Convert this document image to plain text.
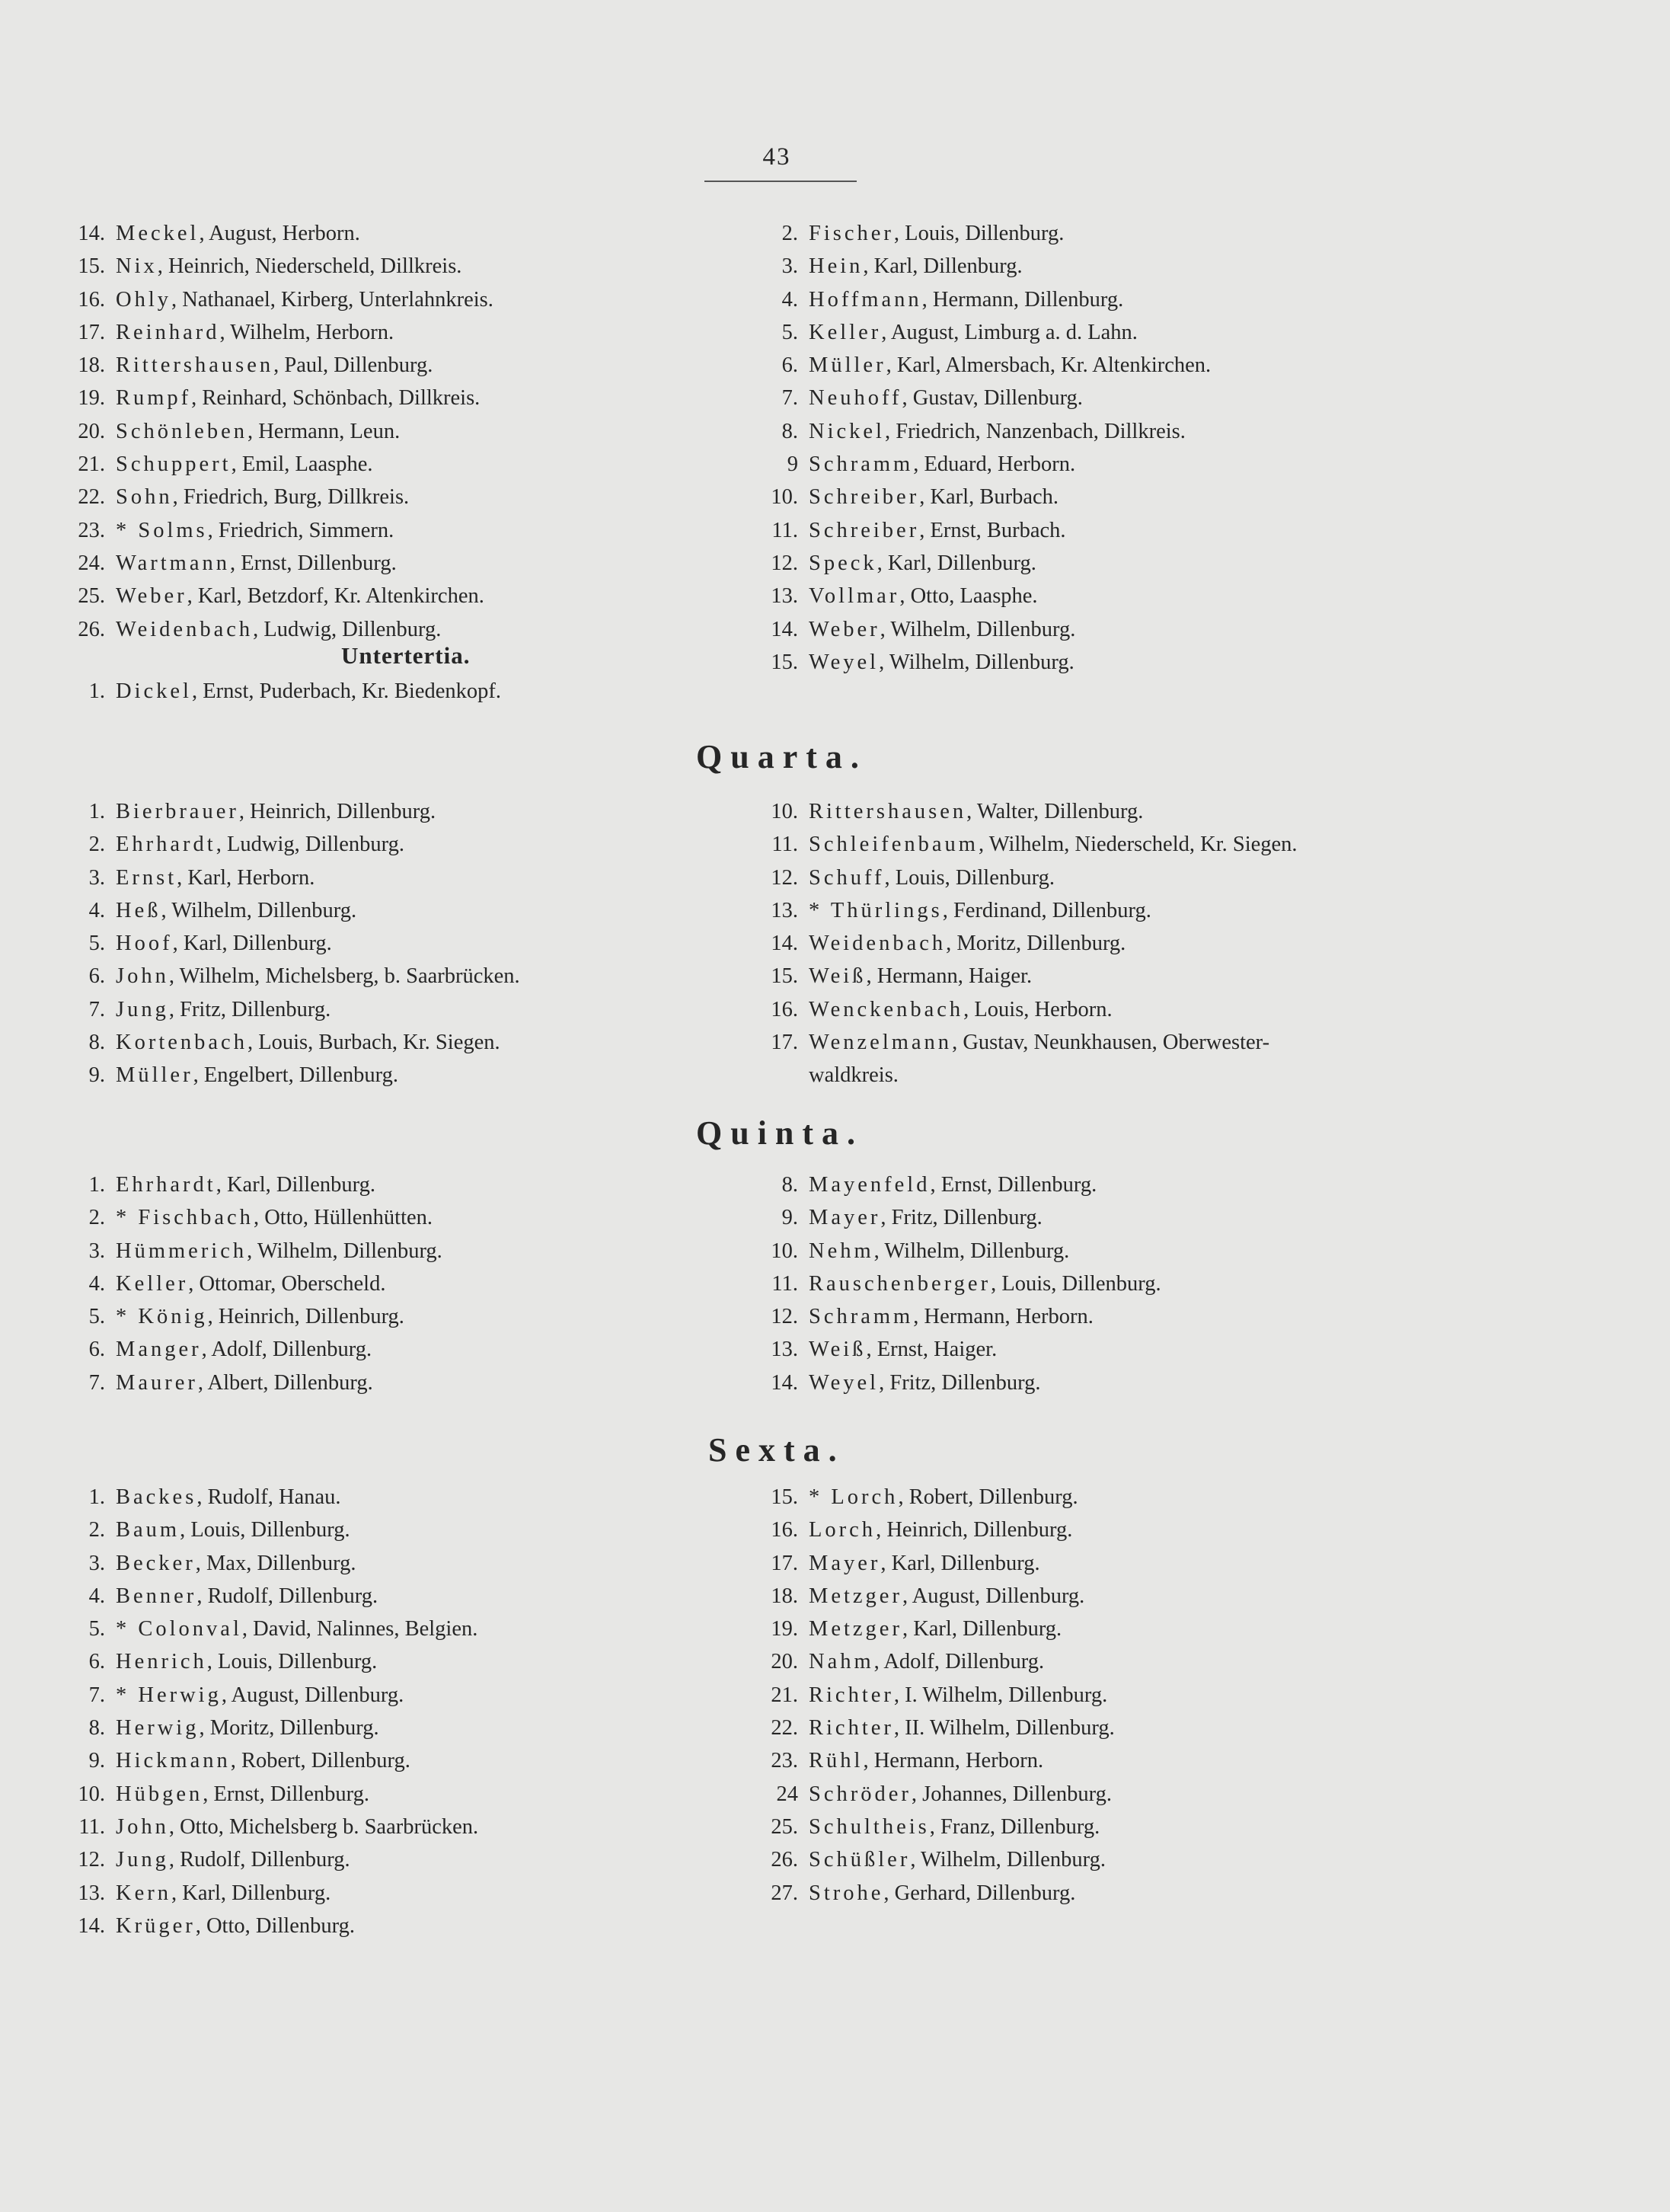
43
14. Meckel, August, Herborn.
15. Nix, Heinrich, Niederscheld, Dillkreis.
16. Ohly, Nathanael, Kirberg, Unterlahnkreis.
17. Reinhard, Wilhelm, Herborn.
18. Rittershausen, Paul, Dillenburg.
19. Rumpf, Reinhard, Schönbach, Dillkreis.
20. Schönleben, Hermann, Leun.
21. Schuppert, Emil, Laasphe.
22. Sohn, Friedrich, Burg, Dillkreis.
23. * Solms, Friedrich, Simmern.
24. Wartmann, Ernst, Dillenburg.
25. Weber, Karl, Betzdorf, Kr. Altenkirchen.
26. Weidenbach, Ludwig, Dillenburg.
Untertertia.
1. Dickel, Ernst, Puderbach, Kr. Biedenkopf.
2. Fischer, Louis, Dillenburg.
3. Hein, Karl, Dillenburg.
4. Hoffmann, Hermann, Dillenburg.
5. Keller, August, Limburg a. d. Lahn.
6. Müller, Karl, Almersbach, Kr. Altenkirchen.
7. Neuhoff, Gustav, Dillenburg.
8. Nickel, Friedrich, Nanzenbach, Dillkreis.
9 Schramm, Eduard, Herborn.
10. Schreiber, Karl, Burbach.
11. Schreiber, Ernst, Burbach.
12. Speck, Karl, Dillenburg.
13. Vollmar, Otto, Laasphe.
14. Weber, Wilhelm, Dillenburg.
15. Weyel, Wilhelm, Dillenburg.
Quarta.
1. Bierbrauer, Heinrich, Dillenburg.
2. Ehrhardt, Ludwig, Dillenburg.
3. Ernst, Karl, Herborn.
4. Heß, Wilhelm, Dillenburg.
5. Hoof, Karl, Dillenburg.
6. John, Wilhelm, Michelsberg, b. Saarbrücken.
7. Jung, Fritz, Dillenburg.
8. Kortenbach, Louis, Burbach, Kr. Siegen.
9. Müller, Engelbert, Dillenburg.
10. Rittershausen, Walter, Dillenburg.
11. Schleifenbaum, Wilhelm, Niederscheld, Kr. Siegen.
12. Schuff, Louis, Dillenburg.
13. * Thürlings, Ferdinand, Dillenburg.
14. Weidenbach, Moritz, Dillenburg.
15. Weiß, Hermann, Haiger.
16. Wenckenbach, Louis, Herborn.
17. Wenzelmann, Gustav, Neunkhausen, Oberwester-
waldkreis.
Quinta.
1. Ehrhardt, Karl, Dillenburg.
2. * Fischbach, Otto, Hüllenhütten.
3. Hümmerich, Wilhelm, Dillenburg.
4. Keller, Ottomar, Oberscheld.
5. * König, Heinrich, Dillenburg.
6. Manger, Adolf, Dillenburg.
7. Maurer, Albert, Dillenburg.
8. Mayenfeld, Ernst, Dillenburg.
9. Mayer, Fritz, Dillenburg.
10. Nehm, Wilhelm, Dillenburg.
11. Rauschenberger, Louis, Dillenburg.
12. Schramm, Hermann, Herborn.
13. Weiß, Ernst, Haiger.
14. Weyel, Fritz, Dillenburg.
Sexta.
1. Backes, Rudolf, Hanau.
2. Baum, Louis, Dillenburg.
3. Becker, Max, Dillenburg.
4. Benner, Rudolf, Dillenburg.
5. * Colonval, David, Nalinnes, Belgien.
6. Henrich, Louis, Dillenburg.
7. * Herwig, August, Dillenburg.
8. Herwig, Moritz, Dillenburg.
9. Hickmann, Robert, Dillenburg.
10. Hübgen, Ernst, Dillenburg.
11. John, Otto, Michelsberg b. Saarbrücken.
12. Jung, Rudolf, Dillenburg.
13. Kern, Karl, Dillenburg.
14. Krüger, Otto, Dillenburg.
15. * Lorch, Robert, Dillenburg.
16. Lorch, Heinrich, Dillenburg.
17. Mayer, Karl, Dillenburg.
18. Metzger, August, Dillenburg.
19. Metzger, Karl, Dillenburg.
20. Nahm, Adolf, Dillenburg.
21. Richter, I. Wilhelm, Dillenburg.
22. Richter, II. Wilhelm, Dillenburg.
23. Rühl, Hermann, Herborn.
24 Schröder, Johannes, Dillenburg.
25. Schultheis, Franz, Dillenburg.
26. Schüßler, Wilhelm, Dillenburg.
27. Strohe, Gerhard, Dillenburg.
